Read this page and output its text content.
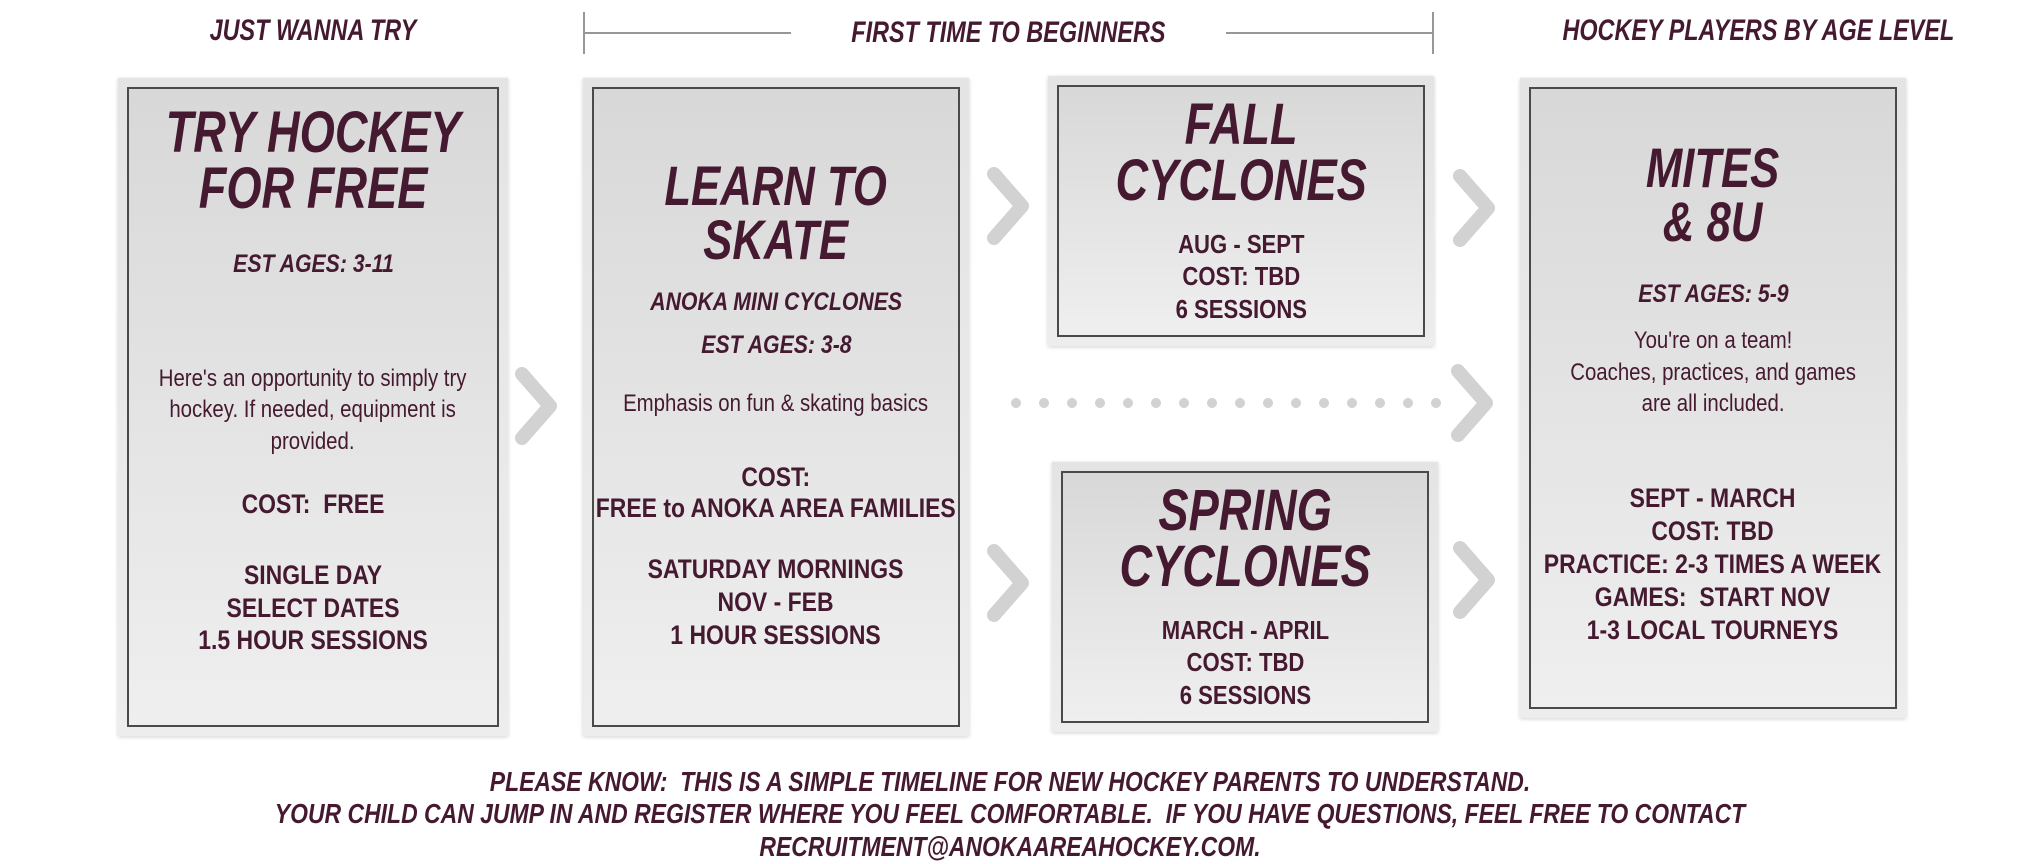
JUST WANNA TRY	FIRST TIME TO BEGINNERS	HOCKEY PLAYERS BY AGE LEVEL
TRY HOCKEY
FOR FREE
EST AGES: 3-11
Here's an opportunity to simply try hockey. If needed, equipment is provided.
COST:  FREE
SINGLE DAY
SELECT DATES
1.5 HOUR SESSIONS
LEARN TO
SKATE
ANOKA MINI CYCLONES
EST AGES: 3-8
Emphasis on fun & skating basics
COST:
FREE to ANOKA AREA FAMILIES
SATURDAY MORNINGS
NOV - FEB
1 HOUR SESSIONS
FALL
CYCLONES
AUG - SEPT
COST: TBD
6 SESSIONS
SPRING
CYCLONES
MARCH - APRIL
COST: TBD
6 SESSIONS
MITES
& 8U
EST AGES: 5-9
You're on a team!
Coaches, practices, and games
are all included.
SEPT - MARCH
COST: TBD
PRACTICE: 2-3 TIMES A WEEK
GAMES:  START NOV
1-3 LOCAL TOURNEYS
PLEASE KNOW:  THIS IS A SIMPLE TIMELINE FOR NEW HOCKEY PARENTS TO UNDERSTAND.
YOUR CHILD CAN JUMP IN AND REGISTER WHERE YOU FEEL COMFORTABLE.  IF YOU HAVE QUESTIONS, FEEL FREE TO CONTACT RECRUITMENT@ANOKAAREAHOCKEY.COM.
